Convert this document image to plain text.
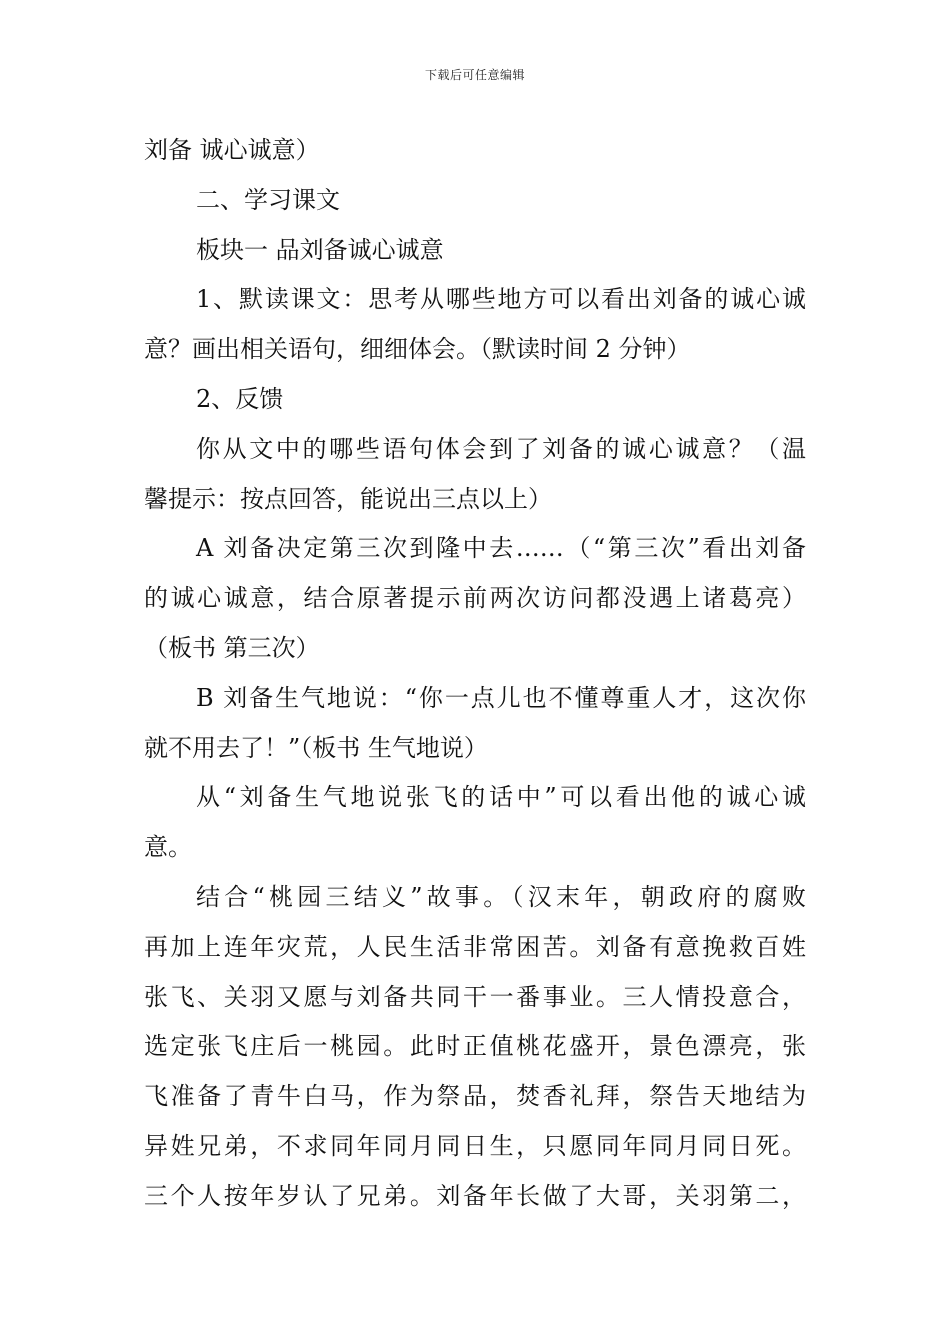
下载后可任意编辑
刘备 诚心诚意）
二、学习课文
板块一 品刘备诚心诚意
1、默读课文：思考从哪些地方可以看出刘备的诚心诚
意？画出相关语句，细细体会。（默读时间 2 分钟）
2、反馈
你从文中的哪些语句体会到了刘备的诚心诚意？（温
馨提示：按点回答，能说出三点以上）
A 刘备决定第三次到隆中去……（“第三次”看出刘备
的诚心诚意，结合原著提示前两次访问都没遇上诸葛亮）
（板书 第三次）
B 刘备生气地说：“你一点儿也不懂尊重人才，这次你
就不用去了！”（板书 生气地说）
从“刘备生气地说张飞的话中”可以看出他的诚心诚
意。
结合“桃园三结义”故事。（汉末年，朝政府的腐败
再加上连年灾荒，人民生活非常困苦。刘备有意挽救百姓
张飞、关羽又愿与刘备共同干一番事业。三人情投意合，
选定张飞庄后一桃园。此时正值桃花盛开，景色漂亮，张
飞准备了青牛白马，作为祭品，焚香礼拜，祭告天地结为
异姓兄弟，不求同年同月同日生，只愿同年同月同日死。
三个人按年岁认了兄弟。刘备年长做了大哥，关羽第二，
